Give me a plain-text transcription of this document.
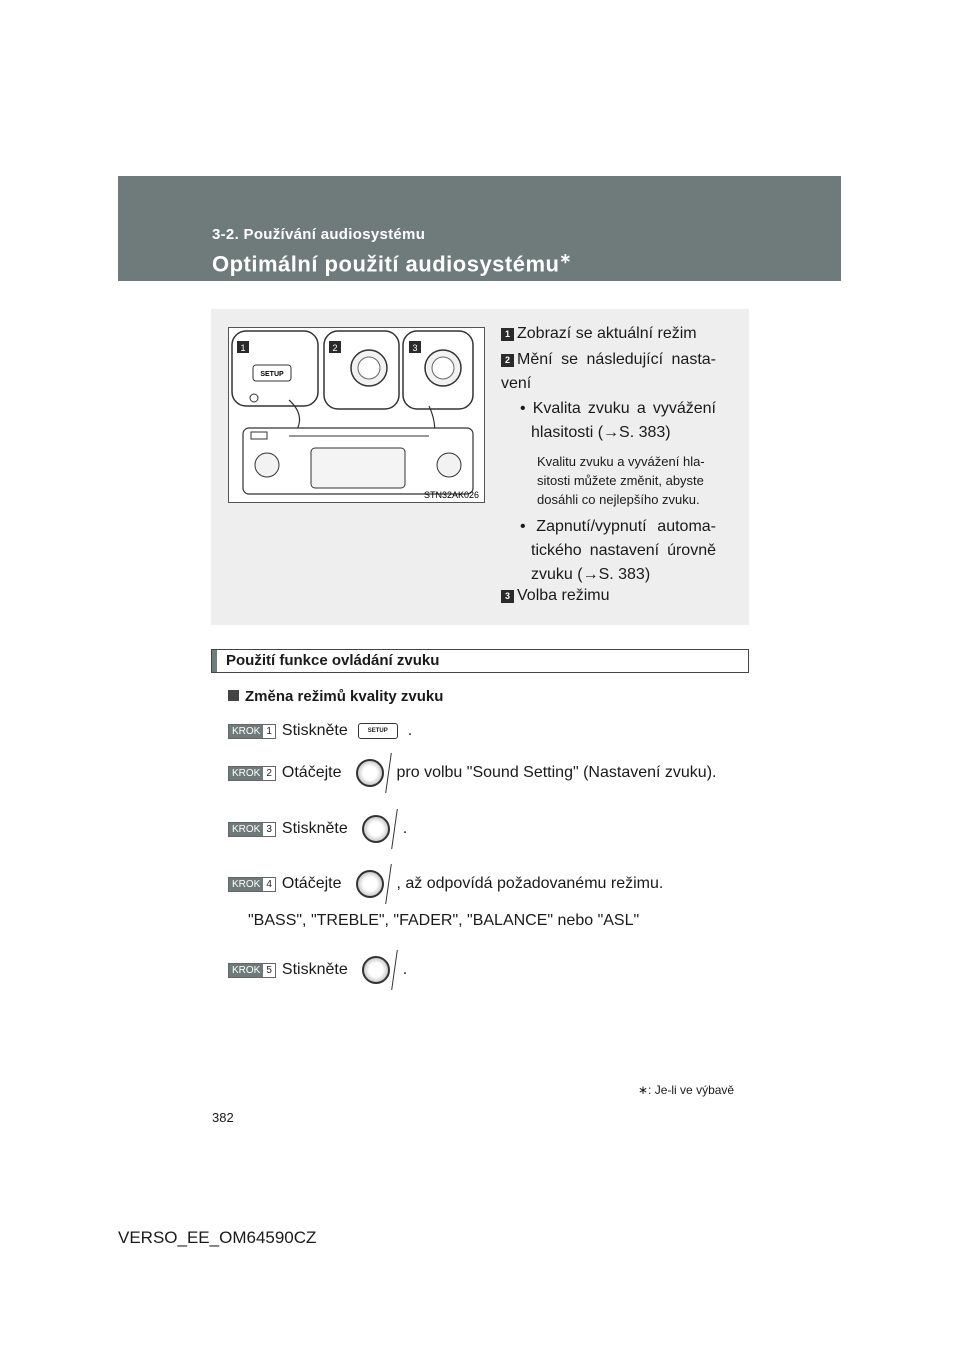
3-2. Používání audiosystému
Optimální použití audiosystému∗
SETUP
1	2	3
STN32AK026
1 Zobrazí se aktuální režim
2 Mění se následující nasta-vení
• Kvalita zvuku a vyvážení hlasitosti (→S. 383)
Kvalitu zvuku a vyvážení hla-sitosti můžete změnit, abyste dosáhli co nejlepšího zvuku.
• Zapnutí/vypnutí automa-tického nastavení úrovně zvuku (→S. 383)
3 Volba režimu
Použití funkce ovládání zvuku
Změna režimů kvality zvuku
KROK 1 Stiskněte	SETUP	.
KROK 2 Otáčejte	pro volbu "Sound Setting" (Nastavení zvuku).
KROK 3 Stiskněte	.
KROK 4 Otáčejte	, až odpovídá požadovanému režimu.
"BASS", "TREBLE", "FADER", "BALANCE" nebo "ASL"
KROK 5 Stiskněte	.
∗: Je-li ve výbavě
382
VERSO_EE_OM64590CZ
